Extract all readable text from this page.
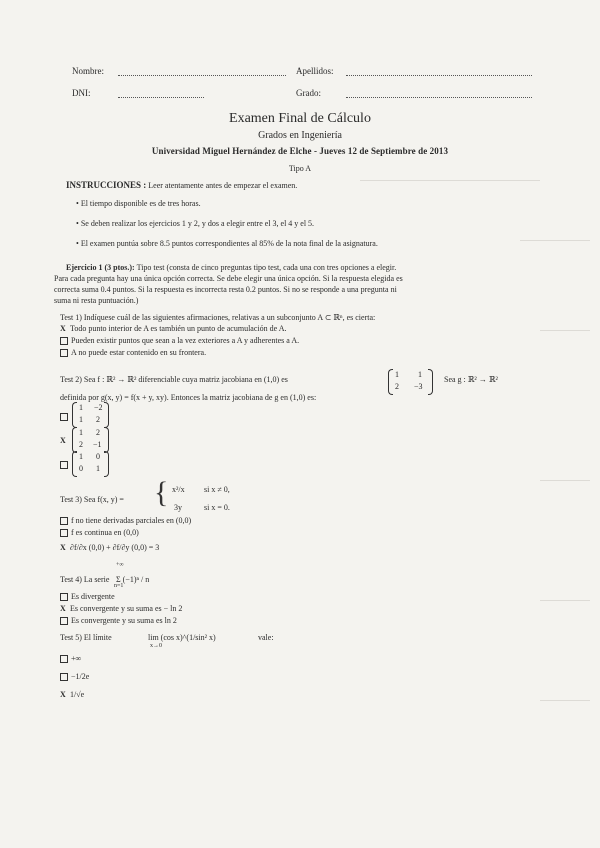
Nombre:	Apellidos:
DNI:	Grado:
Examen Final de Cálculo
Grados en Ingeniería
Universidad Miguel Hernández de Elche - Jueves 12 de Septiembre de 2013
Tipo A
INSTRUCCIONES : Leer atentamente antes de empezar el examen.
• El tiempo disponible es de tres horas.
• Se deben realizar los ejercicios 1 y 2, y dos a elegir entre el 3, el 4 y el 5.
• El examen puntúa sobre 8.5 puntos correspondientes al 85% de la nota final de la asignatura.
Ejercicio 1 (3 ptos.): Tipo test (consta de cinco preguntas tipo test, cada una con tres opciones a elegir.
Para cada pregunta hay una única opción correcta. Se debe elegir una única opción. Si la respuesta elegida es
correcta suma 0.4 puntos. Si la respuesta es incorrecta resta 0.2 puntos. Si no se responde a una pregunta ni
suma ni resta puntuación.)
Test 1) Indíquese cuál de las siguientes afirmaciones, relativas a un subconjunto A ⊂ ℝⁿ, es cierta:
X Todo punto interior de A es también un punto de acumulación de A.
Pueden existir puntos que sean a la vez exteriores a A y adherentes a A.
A no puede estar contenido en su frontera.
Test 2) Sea f : ℝ² → ℝ² diferenciable cuya matriz jacobiana en (1,0) es
1 1
2 −3
Sea g : ℝ² → ℝ²
definida por g(x, y) = f(x + y, xy). Entonces la matriz jacobiana de g en (1,0) es:
1 −2
1 2
X
1 2
2 −1
1 0
0 1
Test 3) Sea f(x, y) = { x²/x si x ≠ 0,
3y	si x = 0.
f no tiene derivadas parciales en (0,0)
f es continua en (0,0)
X ∂f/∂x (0,0) + ∂f/∂y (0,0) = 3
Test 4) La serie
+∞
n=1
Σ (−1)ⁿ / n
Es divergente
X Es convergente y su suma es − ln 2
Es convergente y su suma es ln 2
Test 5) El límite	lim (cos x)^(1/sin² x)
x→0
vale:
+∞
−1/2e
X 1/√e
